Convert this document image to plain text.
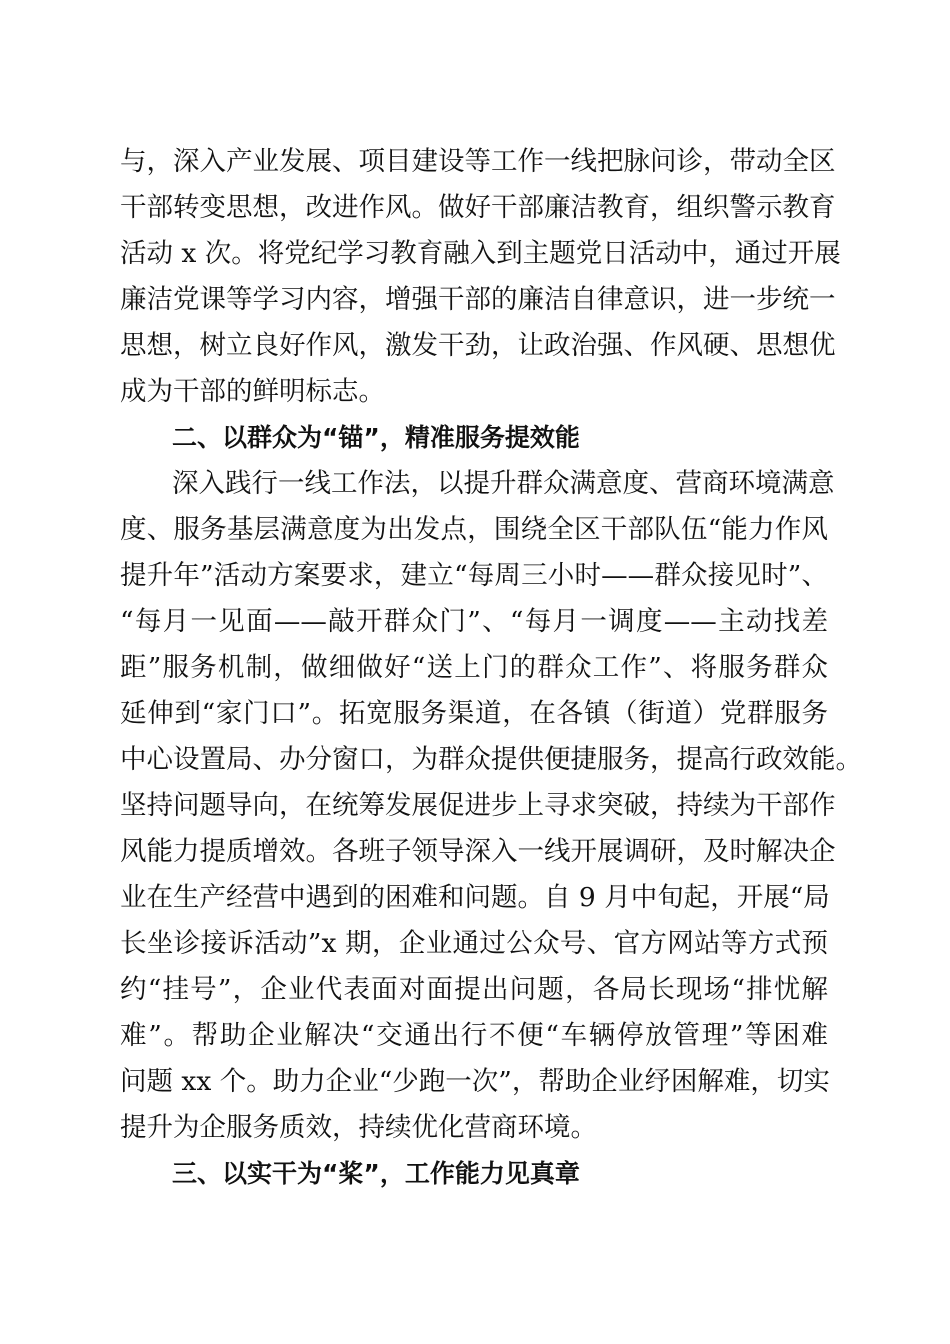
与，深入产业发展、项目建设等工作一线把脉问诊，带动全区
干部转变思想，改进作风。做好干部廉洁教育，组织警示教育
活动 x 次。将党纪学习教育融入到主题党日活动中，通过开展
廉洁党课等学习内容，增强干部的廉洁自律意识，进一步统一
思想，树立良好作风，激发干劲，让政治强、作风硬、思想优
成为干部的鲜明标志。
二、以群众为“锚”，精准服务提效能
深入践行一线工作法，以提升群众满意度、营商环境满意
度、服务基层满意度为出发点，围绕全区干部队伍“能力作风
提升年”活动方案要求，建立“每周三小时——群众接见时”、
“每月一见面——敲开群众门”、“每月一调度——主动找差
距”服务机制，做细做好“送上门的群众工作”、将服务群众
延伸到“家门口”。拓宽服务渠道，在各镇（街道）党群服务
中心设置局、办分窗口，为群众提供便捷服务，提高行政效能。
坚持问题导向，在统筹发展促进步上寻求突破，持续为干部作
风能力提质增效。各班子领导深入一线开展调研，及时解决企
业在生产经营中遇到的困难和问题。自 9 月中旬起，开展“局
长坐诊接诉活动”x 期，企业通过公众号、官方网站等方式预
约“挂号”，企业代表面对面提出问题，各局长现场“排忧解
难”。帮助企业解决“交通出行不便“车辆停放管理”等困难
问题 xx 个。助力企业“少跑一次”，帮助企业纾困解难，切实
提升为企服务质效，持续优化营商环境。
三、以实干为“桨”，工作能力见真章
